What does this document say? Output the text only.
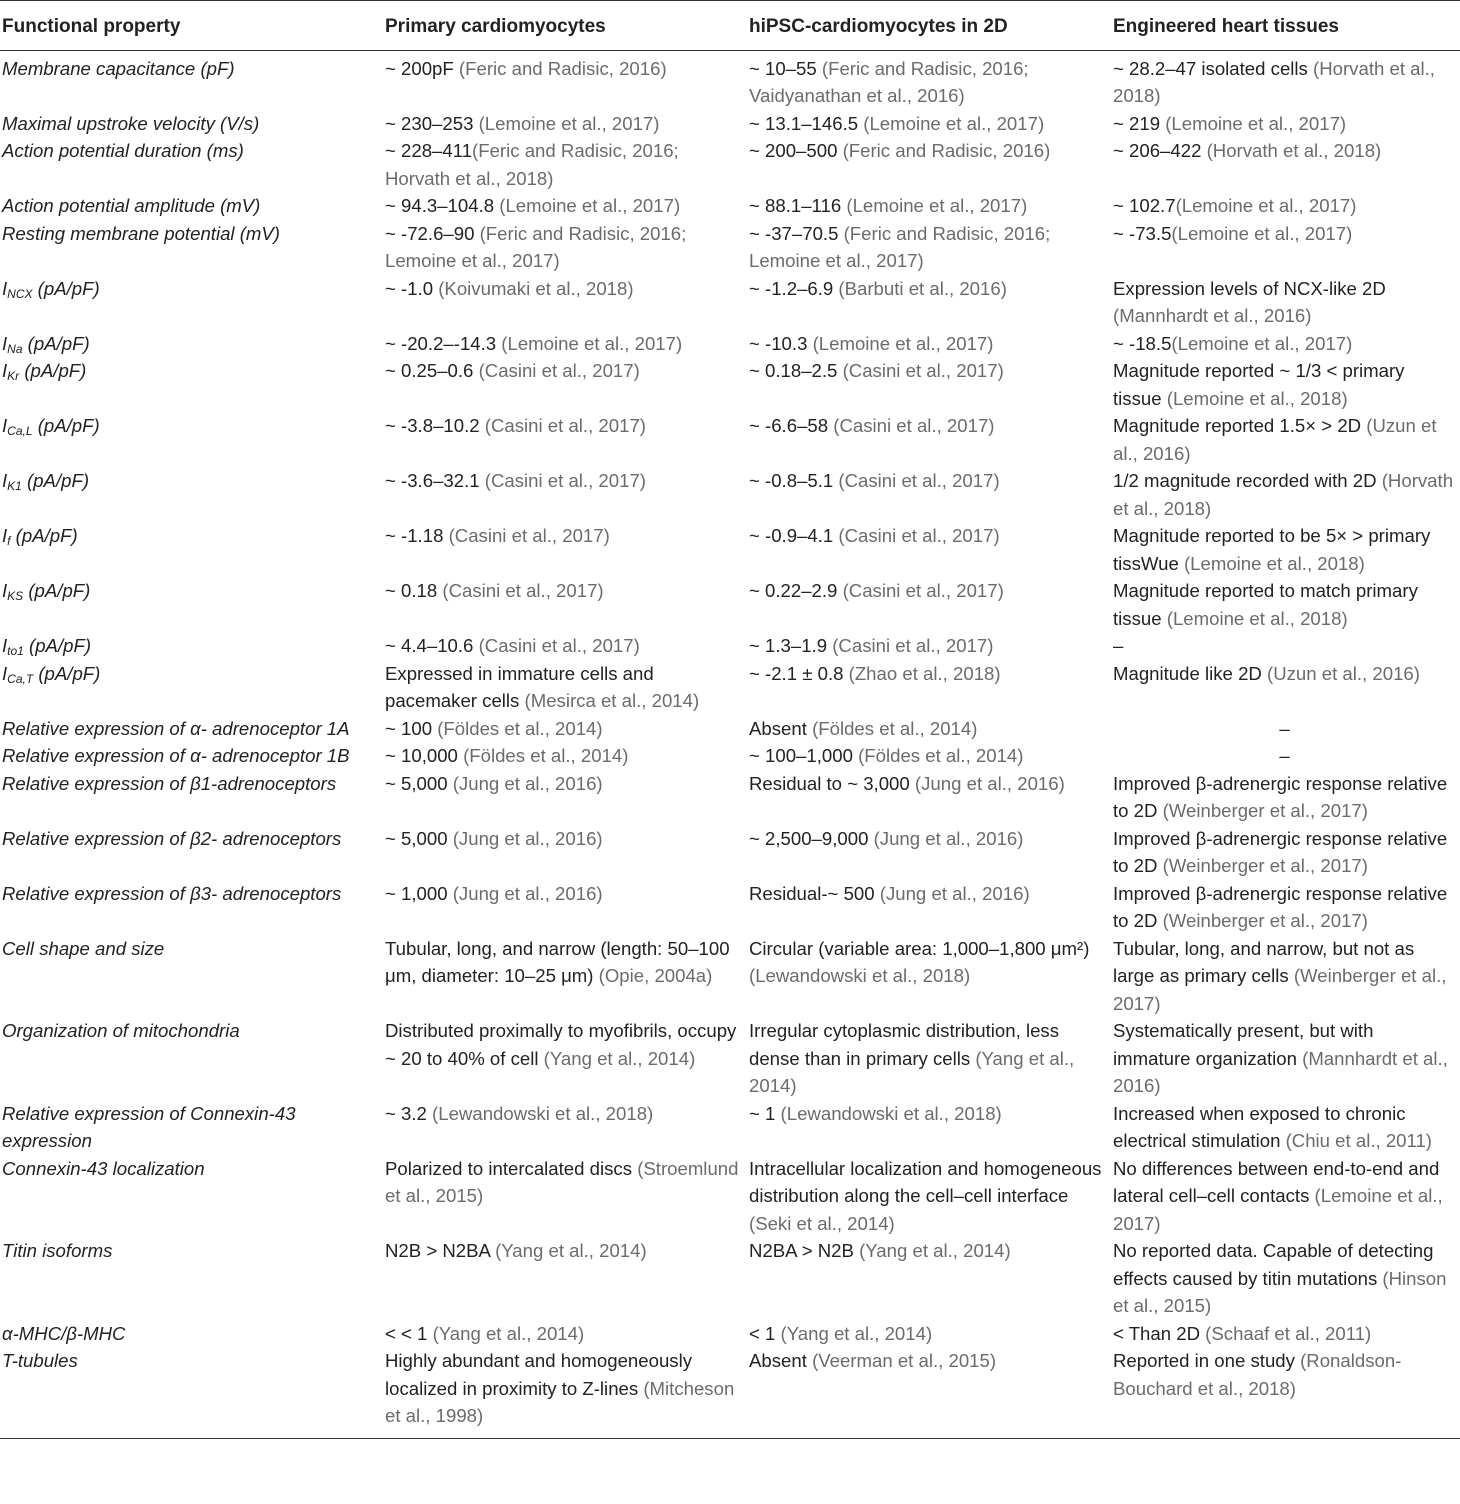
Functional property	Primary cardiomyocytes	hiPSC-cardiomyocytes in 2D	Engineered heart tissues
Membrane capacitance (pF)	~ 200pF (Feric and Radisic, 2016)	~ 10–55 (Feric and Radisic, 2016; Vaidyanathan et al., 2016)	~ 28.2–47 isolated cells (Horvath et al., 2018)
Maximal upstroke velocity (V/s)	~ 230–253 (Lemoine et al., 2017)	~ 13.1–146.5 (Lemoine et al., 2017)	~ 219 (Lemoine et al., 2017)
Action potential duration (ms)	~ 228–411(Feric and Radisic, 2016; Horvath et al., 2018)	~ 200–500 (Feric and Radisic, 2016)	~ 206–422 (Horvath et al., 2018)
Action potential amplitude (mV)	~ 94.3–104.8 (Lemoine et al., 2017)	~ 88.1–116 (Lemoine et al., 2017)	~ 102.7(Lemoine et al., 2017)
Resting membrane potential (mV)	~ -72.6–90 (Feric and Radisic, 2016; Lemoine et al., 2017)	~ -37–70.5 (Feric and Radisic, 2016; Lemoine et al., 2017)	~ -73.5(Lemoine et al., 2017)
$I_{NCX}$ (pA/pF)	~ -1.0 (Koivumaki et al., 2018)	~ -1.2–6.9 (Barbuti et al., 2016)	Expression levels of NCX-like 2D (Mannhardt et al., 2016)
$I_{Na}$ (pA/pF)	~ -20.2–-14.3 (Lemoine et al., 2017)	~ -10.3 (Lemoine et al., 2017)	~ -18.5(Lemoine et al., 2017)
$I_{Kr}$ (pA/pF)	~ 0.25–0.6 (Casini et al., 2017)	~ 0.18–2.5 (Casini et al., 2017)	Magnitude reported ~ 1/3 < primary tissue (Lemoine et al., 2018)
$I_{Ca,L}$ (pA/pF)	~ -3.8–10.2 (Casini et al., 2017)	~ -6.6–58 (Casini et al., 2017)	Magnitude reported 1.5× > 2D (Uzun et al., 2016)
$I_{K1}$ (pA/pF)	~ -3.6–32.1 (Casini et al., 2017)	~ -0.8–5.1 (Casini et al., 2017)	1/2 magnitude recorded with 2D (Horvath et al., 2018)
$I_f$ (pA/pF)	~ -1.18 (Casini et al., 2017)	~ -0.9–4.1 (Casini et al., 2017)	Magnitude reported to be 5× > primary tissWue (Lemoine et al., 2018)
$I_{KS}$ (pA/pF)	~ 0.18 (Casini et al., 2017)	~ 0.22–2.9 (Casini et al., 2017)	Magnitude reported to match primary tissue (Lemoine et al., 2018)
$I_{to1}$ (pA/pF)	~ 4.4–10.6 (Casini et al., 2017)	~ 1.3–1.9 (Casini et al., 2017)	–
$I_{Ca,T}$ (pA/pF)	Expressed in immature cells and pacemaker cells (Mesirca et al., 2014)	~ -2.1 ± 0.8 (Zhao et al., 2018)	Magnitude like 2D (Uzun et al., 2016)
Relative expression of α- adrenoceptor 1A	~ 100 (Földes et al., 2014)	Absent (Földes et al., 2014)	–
Relative expression of α- adrenoceptor 1B	~ 10,000 (Földes et al., 2014)	~ 100–1,000 (Földes et al., 2014)	–
Relative expression of β1-adrenoceptors	~ 5,000 (Jung et al., 2016)	Residual to ~ 3,000 (Jung et al., 2016)	Improved β-adrenergic response relative to 2D (Weinberger et al., 2017)
Relative expression of β2- adrenoceptors	~ 5,000 (Jung et al., 2016)	~ 2,500–9,000 (Jung et al., 2016)	Improved β-adrenergic response relative to 2D (Weinberger et al., 2017)
Relative expression of β3- adrenoceptors	~ 1,000 (Jung et al., 2016)	Residual-~ 500 (Jung et al., 2016)	Improved β-adrenergic response relative to 2D (Weinberger et al., 2017)
Cell shape and size	Tubular, long, and narrow (length: 50–100 μm, diameter: 10–25 μm) (Opie, 2004a)	Circular (variable area: 1,000–1,800 μm²) (Lewandowski et al., 2018)	Tubular, long, and narrow, but not as large as primary cells (Weinberger et al., 2017)
Organization of mitochondria	Distributed proximally to myofibrils, occupy ~ 20 to 40% of cell (Yang et al., 2014)	Irregular cytoplasmic distribution, less dense than in primary cells (Yang et al., 2014)	Systematically present, but with immature organization (Mannhardt et al., 2016)
Relative expression of Connexin-43 expression	~ 3.2 (Lewandowski et al., 2018)	~ 1 (Lewandowski et al., 2018)	Increased when exposed to chronic electrical stimulation (Chiu et al., 2011)
Connexin-43 localization	Polarized to intercalated discs (Stroemlund et al., 2015)	Intracellular localization and homogeneous distribution along the cell–cell interface (Seki et al., 2014)	No differences between end-to-end and lateral cell–cell contacts (Lemoine et al., 2017)
Titin isoforms	N2B > N2BA (Yang et al., 2014)	N2BA > N2B (Yang et al., 2014)	No reported data. Capable of detecting effects caused by titin mutations (Hinson et al., 2015)
α-MHC/β-MHC	< < 1 (Yang et al., 2014)	< 1 (Yang et al., 2014)	< Than 2D (Schaaf et al., 2011)
T-tubules	Highly abundant and homogeneously localized in proximity to Z-lines (Mitcheson et al., 1998)	Absent (Veerman et al., 2015)	Reported in one study (Ronaldson-Bouchard et al., 2018)
